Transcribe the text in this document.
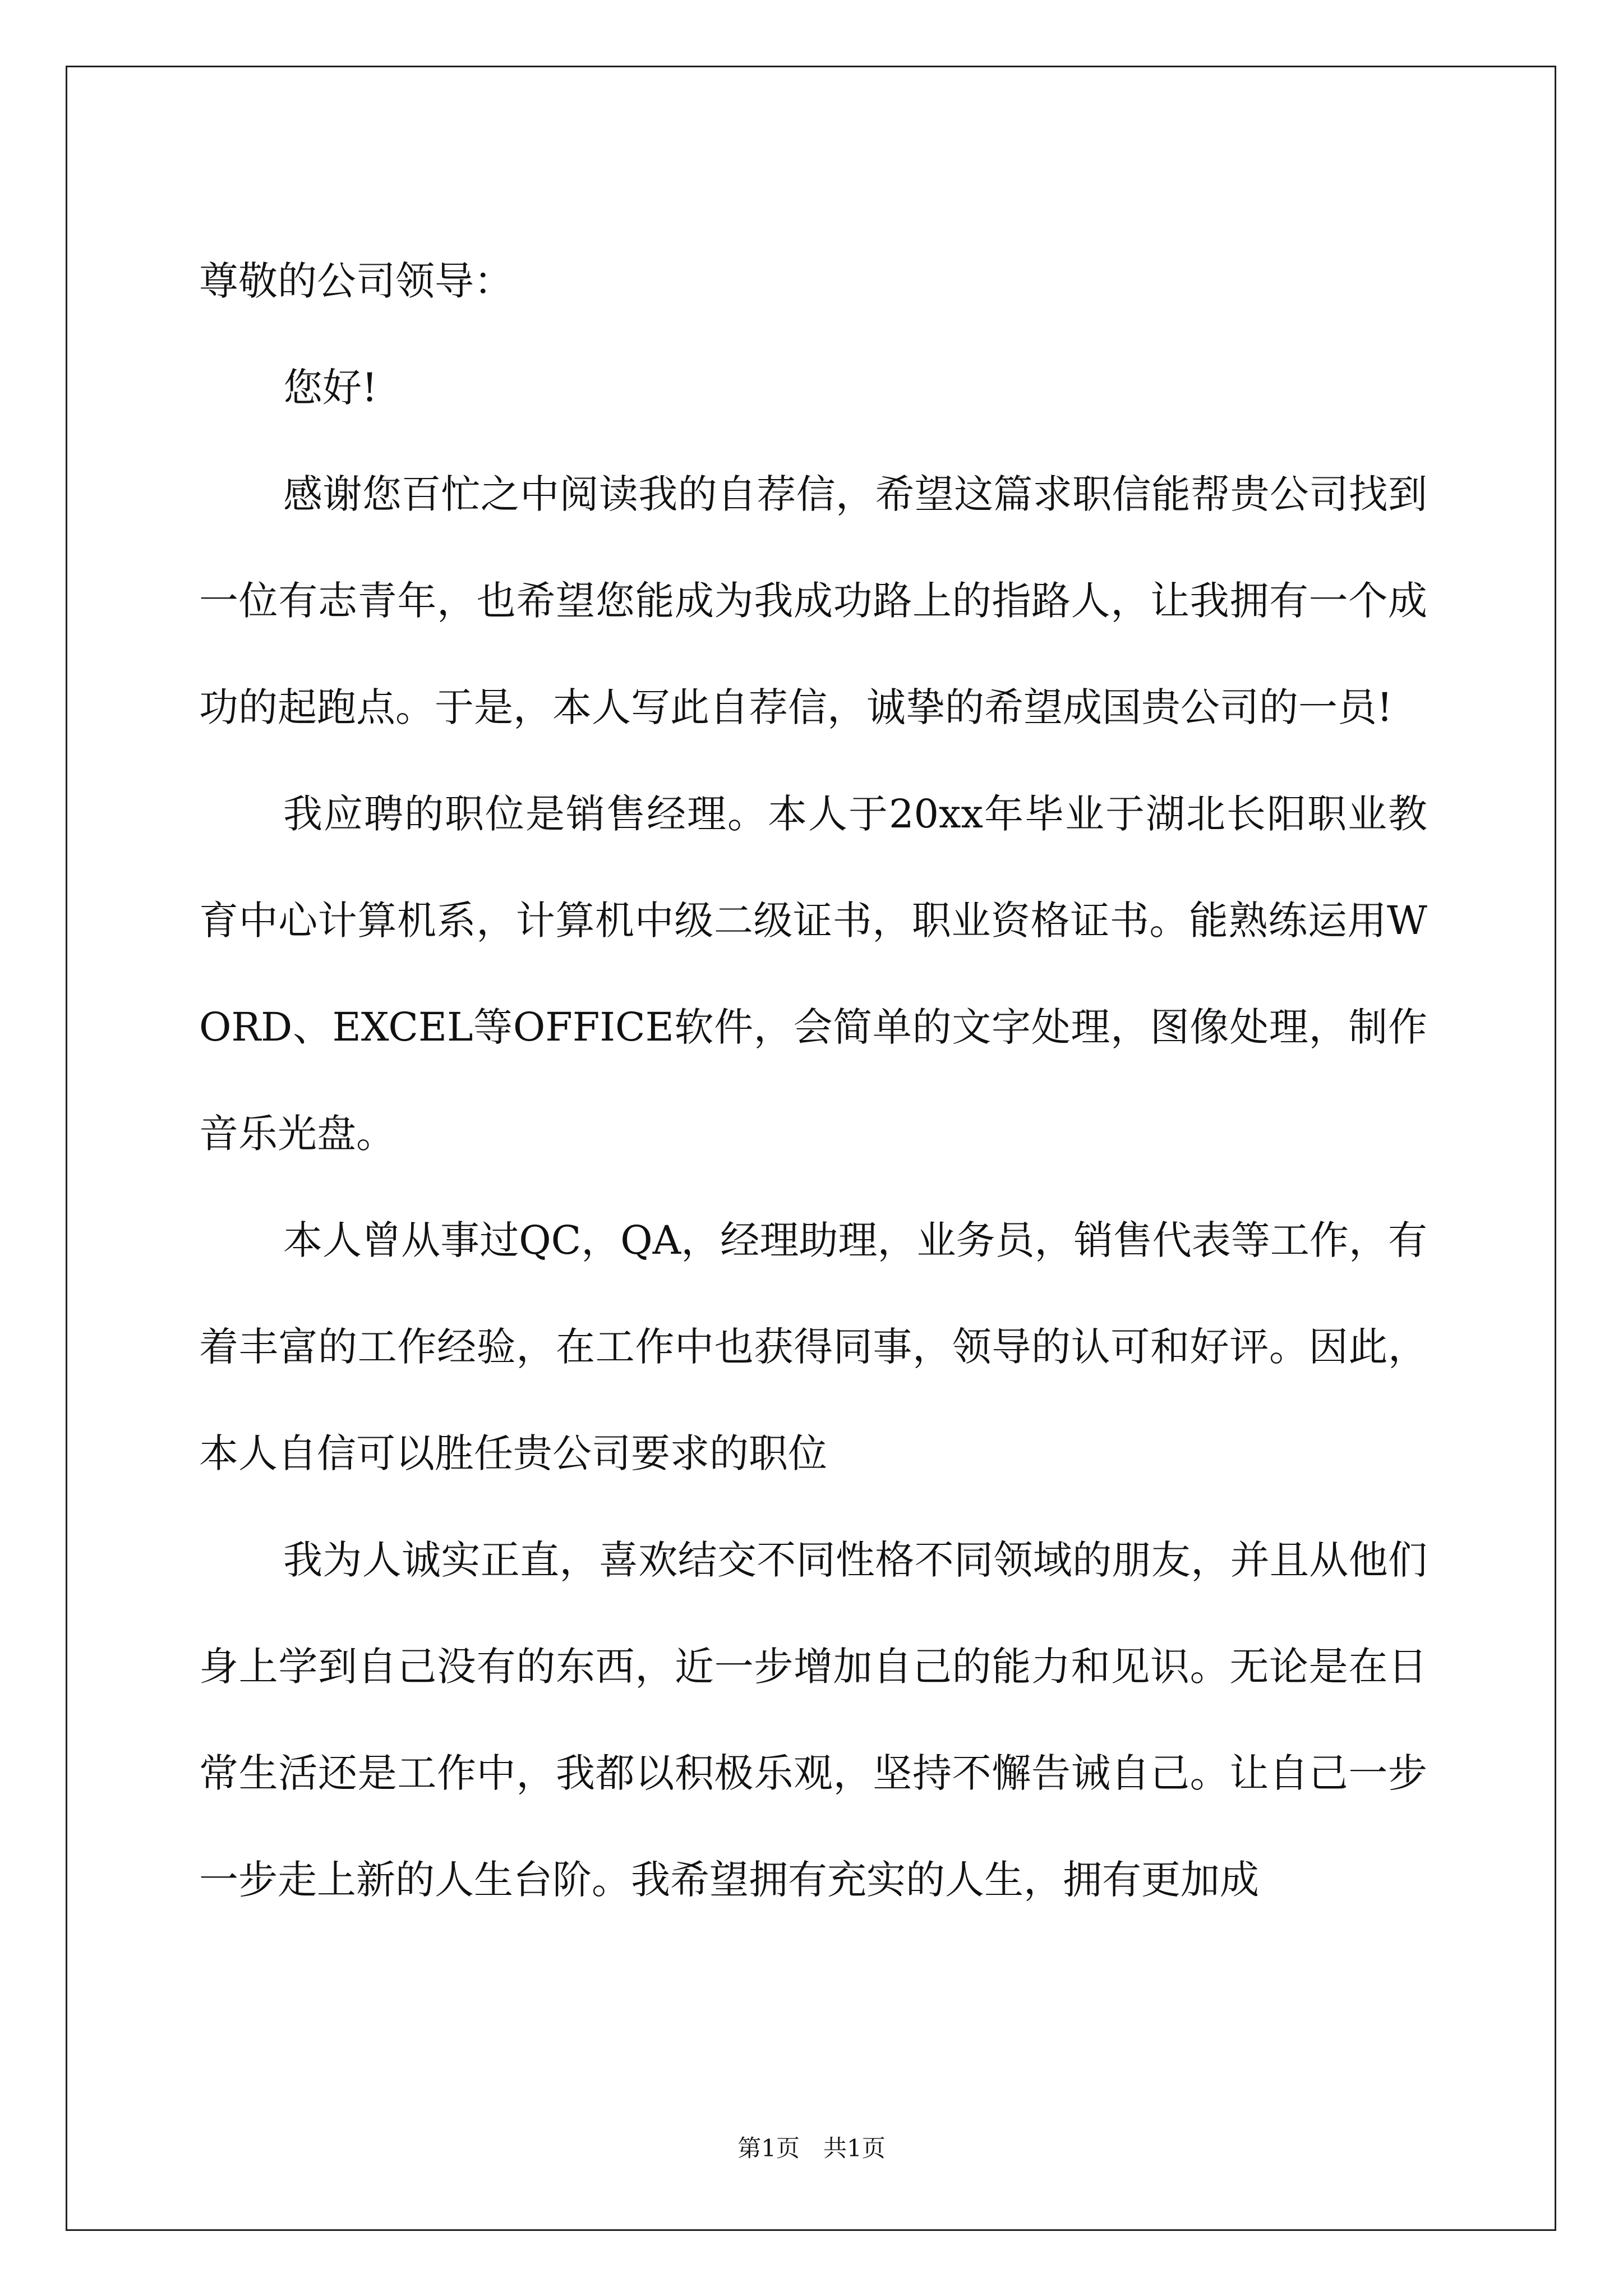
尊敬的公司领导：

您好!

感谢您百忙之中阅读我的自荐信，希望这篇求职信能帮贵公司找到一位有志青年，也希望您能成为我成功路上的指路人，让我拥有一个成功的起跑点。于是，本人写此自荐信，诚挚的希望成国贵公司的一员!

我应聘的职位是销售经理。本人于20xx年毕业于湖北长阳职业教育中心计算机系，计算机中级二级证书，职业资格证书。能熟练运用WORD、EXCEL等OFFICE软件，会简单的文字处理，图像处理，制作音乐光盘。

本人曾从事过QC，QA，经理助理，业务员，销售代表等工作，有着丰富的工作经验，在工作中也获得同事，领导的认可和好评。因此，本人自信可以胜任贵公司要求的职位

我为人诚实正直，喜欢结交不同性格不同领域的朋友，并且从他们身上学到自己没有的东西，近一步增加自己的能力和见识。无论是在日常生活还是工作中，我都以积极乐观，坚持不懈告诫自己。让自己一步一步走上新的人生台阶。我希望拥有充实的人生，拥有更加成

第1页　共1页
